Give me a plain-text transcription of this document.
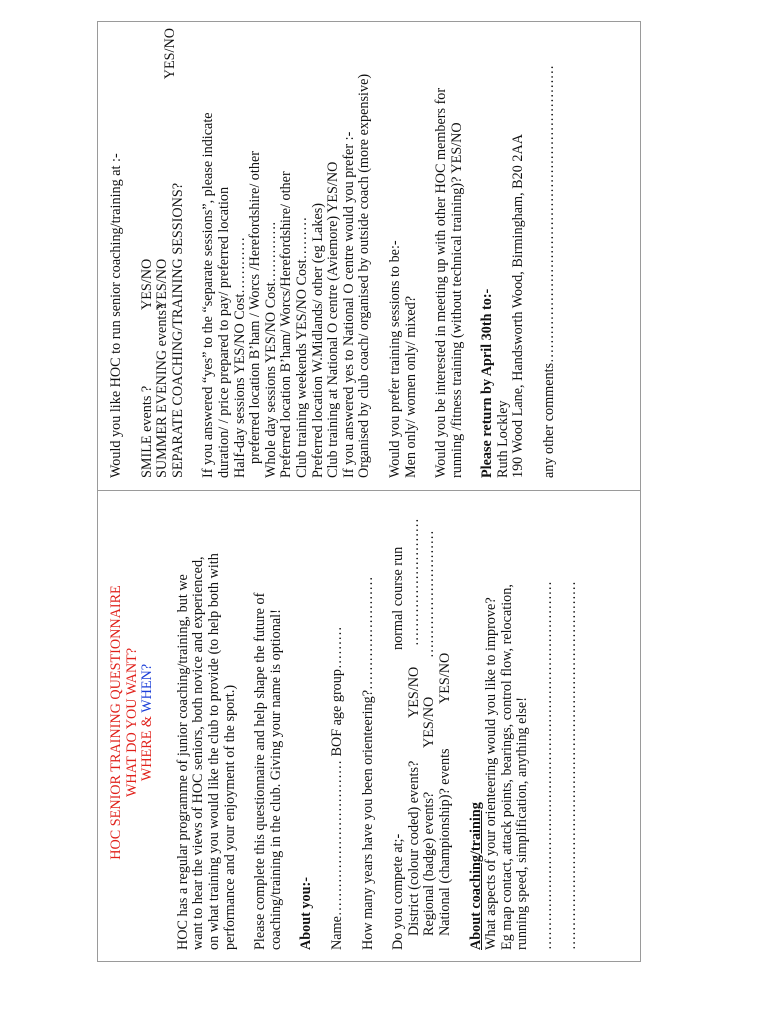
HOC SENIOR TRAINING QUESTIONNAIRE WHAT DO YOU WANT? WHERE & WHEN? HOC has a regular programme of junior coaching/training, but we want to hear the views of HOC seniors, both novice and experienced, on what training you would like the club to provide (to help both with performance and your enjoyment of the sport.) Please complete this questionnaire and help shape the future of coaching/training in the club. Giving your name is optional! About you:- Name…………………………… BOF age group……… How many years have you been orienteering?…………………… Do you compete at;-
normal course run
District (colour coded) events?
YES/NO
………………………
Regional (badge) events?
YES/NO
………………………
National (championship)? events
YES/NO

About coaching/training What aspects of your orienteering would you like to improve? Eg map contact, attack points, bearings, control flow, relocation, running speed, simplification, anything else! …………………………………………………………………… ……………………………………………………………………

Would you like HOC to run senior coaching/training at :- SMILE events ?
YES/NO
SUMMER EVENING events?
YES/NO SEPARATE COACHING/TRAINING SESSIONS?
YES/NO

If you answered “yes” to the “separate sessions”, please indicate duration/ / price prepared to pay/ preferred location Half-day sessions YES/NO Cost………… preferred location B’ham / Worcs /Herefordshire/ other Whole day sessions YES/NO Cost…………. Preferred location B’ham/ Worcs/Herefordshire/ other Club training weekends YES/NO Cost……… Preferred location W.Midlands/ other (eg Lakes) Club training at National O centre (Aviemore) YES/NO If you answered yes to National O centre would you prefer :- Organised by club coach/ organised by outside coach (more expensive) Would you prefer training sessions to be:- Men only/ women only/ mixed? Would you be interested in meeting up with other HOC members for running /fitness training (without technical training)? YES/NO Please return by April 30th to:- Ruth Lockley 190 Wood Lane, Handsworth Wood, Birmingham, B20 2AA any other comments………………………………………………………
